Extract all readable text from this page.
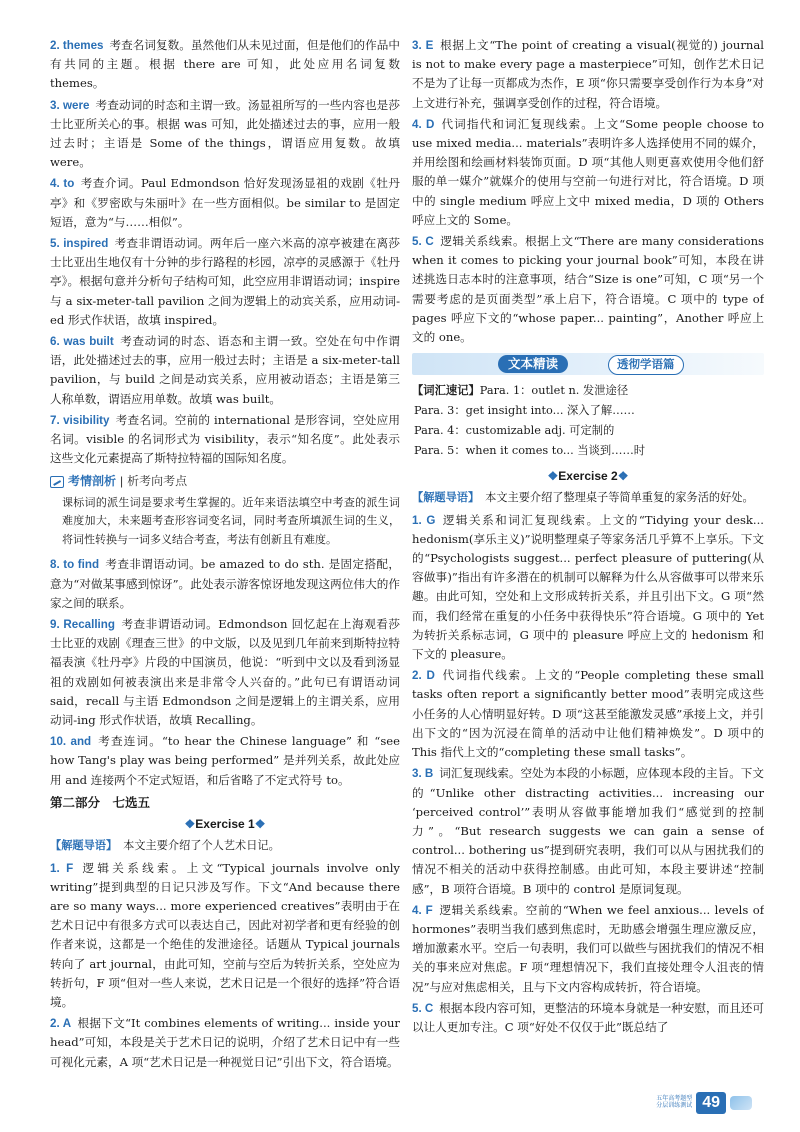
2. themes 考查名词复数。虽然他们从未见过面，但是他们的作品中有共同的主题。根据 there are 可知，此处应用名词复数 themes。
3. were 考查动词的时态和主谓一致。汤显祖所写的一些内容也是莎士比亚所关心的事。根据 was 可知，此处描述过去的事，应用一般过去时；主语是 Some of the things，谓语应用复数。故填 were。
4. to 考查介词。Paul Edmondson 恰好发现汤显祖的戏剧《牡丹亭》和《罗密欧与朱丽叶》在一些方面相似。be similar to 是固定短语，意为“与……相似”。
5. inspired 考查非谓语动词。两年后一座六米高的凉亭被建在离莎士比亚出生地仅有十分钟的步行路程的杉园，凉亭的灵感源于《牡丹亭》。根据句意并分析句子结构可知，此空应用非谓语动词；inspire 与 a six-meter-tall pavilion 之间为逻辑上的动宾关系，应用动词-ed 形式作状语，故填 inspired。
6. was built 考查动词的时态、语态和主谓一致。空处在句中作谓语，此处描述过去的事，应用一般过去时；主语是 a six-meter-tall pavilion，与 build 之间是动宾关系，应用被动语态；主语是第三人称单数，谓语应用单数。故填 was built。
7. visibility 考查名词。空前的 international 是形容词，空处应用名词。visible 的名词形式为 visibility，表示“知名度”。此处表示这些文化元素提高了斯特拉特福的国际知名度。
考情剖析 | 析考向考点
课标词的派生词是要求考生掌握的。近年来语法填空中考查的派生词难度加大，未来题考查形容词变名词，同时考查所填派生词的生义，将词性转换与一词多义结合考查，考法有创新且有难度。
8. to find 考查非谓语动词。be amazed to do sth. 是固定搭配，意为“对做某事感到惊讶”。此处表示游客惊讶地发现这两位伟大的作家之间的联系。
9. Recalling 考查非谓语动词。Edmondson 回忆起在上海观看莎士比亚的戏剧《理查三世》的中文版，以及见到几年前来到斯特拉特福表演《牡丹亭》片段的中国演员，他说：“听到中文以及看到汤显祖的戏剧如何被表演出来是非常令人兴奋的。”此句已有谓语动词 said，recall 与主语 Edmondson 之间是逻辑上的主谓关系，应用动词-ing 形式作状语，故填 Recalling。
10. and 考查连词。“to hear the Chinese language” 和 “see how Tang's play was being performed” 是并列关系，故此处应用 and 连接两个不定式短语，和后省略了不定式符号 to。
第二部分　七选五
❖Exercise 1❖
【解题导语】 本文主要介绍了个人艺术日记。
1. F 逻辑关系线索。上文“Typical journals involve only writing”提到典型的日记只涉及写作。下文“And because there are so many ways... more experienced creatives”表明由于在艺术日记中有很多方式可以表达自己，因此对初学者和更有经验的创作者来说，这都是一个绝佳的发泄途径。话题从 Typical journals 转向了 art journal，由此可知，空前与空后为转折关系，空处应为转折句，F 项“但对一些人来说，艺术日记是一个很好的选择”符合语境。
2. A 根据下文“It combines elements of writing... inside your head”可知，本段是关于艺术日记的说明，介绍了艺术日记中有一些可视化元素，A 项“艺术日记是一种视觉日记”引出下文，符合语境。
3. E 根据上文“The point of creating a visual(视觉的) journal is not to make every page a masterpiece”可知，创作艺术日记不是为了让每一页都成为杰作，E 项“你只需要享受创作行为本身”对上文进行补充，强调享受创作的过程，符合语境。
4. D 代词指代和词汇复现线索。上文“Some people choose to use mixed media... materials”表明许多人选择使用不同的媒介，并用绘图和绘画材料装饰页面。D 项“其他人则更喜欢使用令他们舒服的单一媒介”就媒介的使用与空前一句进行对比，符合语境。D 项中的 single medium 呼应上文中 mixed media，D 项的 Others 呼应上文的 Some。
5. C 逻辑关系线索。根据上文“There are many considerations when it comes to picking your journal book”可知，本段在讲述挑选日志本时的注意事项，结合“Size is one”可知，C 项“另一个需要考虑的是页面类型”承上启下，符合语境。C 项中的 type of pages 呼应下文的“whose paper... painting”，Another 呼应上文的 one。
文本精读	透彻学语篇
【词汇速记】Para. 1：outlet n. 发泄途径
Para. 3：get insight into... 深入了解……
Para. 4：customizable adj. 可定制的
Para. 5：when it comes to... 当谈到……时
❖Exercise 2❖
【解题导语】 本文主要介绍了整理桌子等简单重复的家务活的好处。
1. G 逻辑关系和词汇复现线索。上文的“Tidying your desk... hedonism(享乐主义)”说明整理桌子等家务活几乎算不上享乐。下文的“Psychologists suggest... perfect pleasure of puttering(从容做事)”指出有许多潜在的机制可以解释为什么从容做事可以带来乐趣。由此可知，空处和上文形成转折关系，并且引出下文。G 项“然而，我们经常在重复的小任务中获得快乐”符合语境。G 项中的 Yet 为转折关系标志词，G 项中的 pleasure 呼应上文的 hedonism 和下文的 pleasure。
2. D 代词指代线索。上文的“People completing these small tasks often report a significantly better mood”表明完成这些小任务的人心情明显好转。D 项“这甚至能激发灵感”承接上文，并引出下文的“因为沉浸在简单的活动中让他们精神焕发”。D 项中的 This 指代上文的“completing these small tasks”。
3. B 词汇复现线索。空处为本段的小标题，应体现本段的主旨。下文的“Unlike other distracting activities... increasing our ‘perceived control’”表明从容做事能增加我们“感觉到的控制力”。“But research suggests we can gain a sense of control... bothering us”提到研究表明，我们可以从与困扰我们的情况不相关的活动中获得控制感。由此可知，本段主要讲述“控制感”，B 项符合语境。B 项中的 control 是原词复现。
4. F 逻辑关系线索。空前的“When we feel anxious... levels of hormones”表明当我们感到焦虑时，无助感会增强生理应激反应，增加激素水平。空后一句表明，我们可以做些与困扰我们的情况不相关的事来应对焦虑。F 项“理想情况下，我们直接处理令人沮丧的情况”与应对焦虑相关，且与下文内容构成转折，符合语境。
5. C 根据本段内容可知，更整洁的环境本身就是一种安慰，而且还可以让人更加专注。C 项“好处不仅仅于此”既总结了
五年高考题型
分层训练测试 49
